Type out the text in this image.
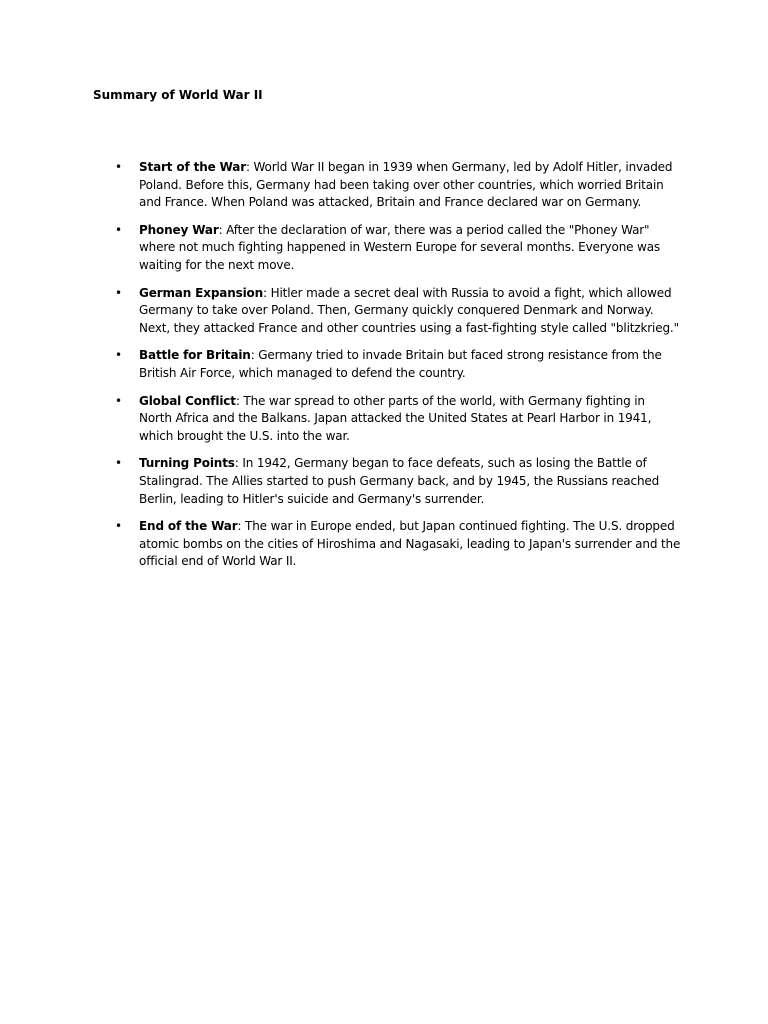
Summary of World War II
• Start of the War: World War II began in 1939 when Germany, led by Adolf Hitler, invaded Poland. Before this, Germany had been taking over other countries, which worried Britain and France. When Poland was attacked, Britain and France declared war on Germany.
• Phoney War: After the declaration of war, there was a period called the "Phoney War" where not much fighting happened in Western Europe for several months. Everyone was waiting for the next move.
• German Expansion: Hitler made a secret deal with Russia to avoid a fight, which allowed Germany to take over Poland. Then, Germany quickly conquered Denmark and Norway. Next, they attacked France and other countries using a fast-fighting style called "blitzkrieg."
• Battle for Britain: Germany tried to invade Britain but faced strong resistance from the British Air Force, which managed to defend the country.
• Global Conflict: The war spread to other parts of the world, with Germany fighting in North Africa and the Balkans. Japan attacked the United States at Pearl Harbor in 1941, which brought the U.S. into the war.
• Turning Points: In 1942, Germany began to face defeats, such as losing the Battle of Stalingrad. The Allies started to push Germany back, and by 1945, the Russians reached Berlin, leading to Hitler's suicide and Germany's surrender.
• End of the War: The war in Europe ended, but Japan continued fighting. The U.S. dropped atomic bombs on the cities of Hiroshima and Nagasaki, leading to Japan's surrender and the official end of World War II.
